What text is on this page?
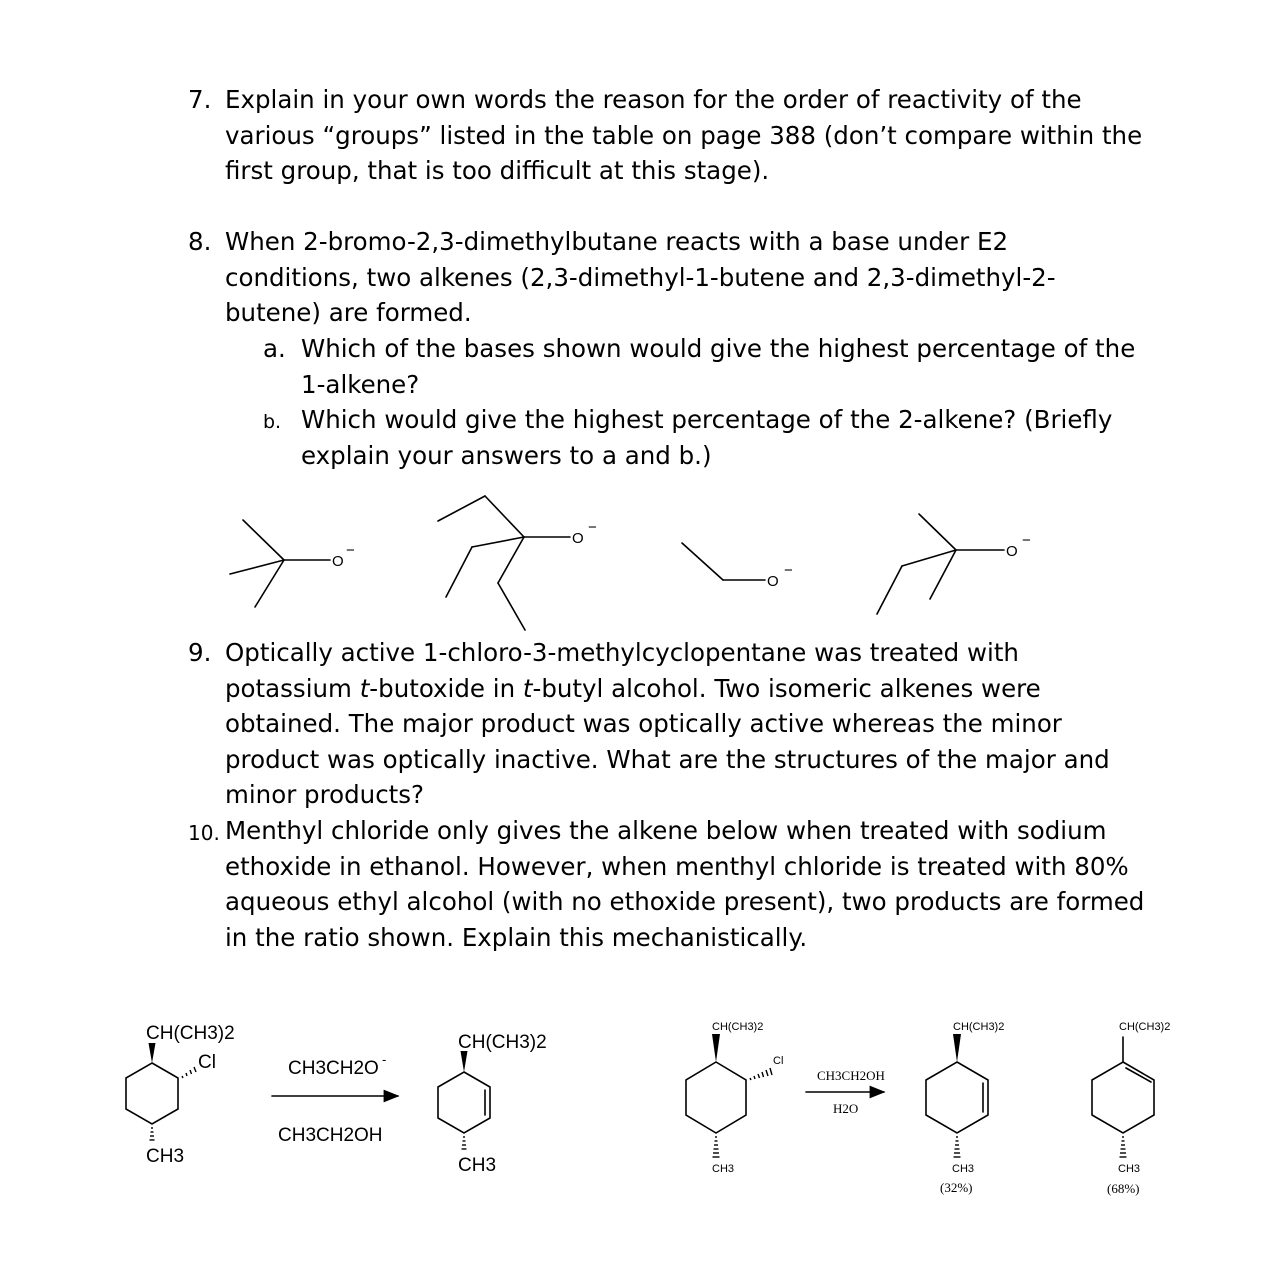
7. Explain in your own words the reason for the order of reactivity of the various “groups” listed in the table on page 388 (don’t compare within the first group, that is too difficult at this stage).
8. When 2-bromo-2,3-dimethylbutane reacts with a base under E2 conditions, two alkenes (2,3-dimethyl-1-butene and 2,3-dimethyl-2-butene) are formed.
a. Which of the bases shown would give the highest percentage of the 1-alkene?
b. Which would give the highest percentage of the 2-alkene? (Briefly explain your answers to a and b.)
9. Optically active 1-chloro-3-methylcyclopentane was treated with potassium t-butoxide in t-butyl alcohol. Two isomeric alkenes were obtained. The major product was optically active whereas the minor product was optically inactive. What are the structures of the major and minor products?
10. Menthyl chloride only gives the alkene below when treated with sodium ethoxide in ethanol. However, when menthyl chloride is treated with 80% aqueous ethyl alcohol (with no ethoxide present), two products are formed in the ratio shown. Explain this mechanistically.
O
−
O
−
O
−
O
−
CH(CH3)2
Cl
CH3
CH3CH2O -
CH3CH2OH
CH(CH3)2
CH3
CH(CH3)2
Cl
CH3
CH(CH3)2
CH3
CH(CH3)2
CH3
CH3CH2OH
H2O
(32%)	(68%)
